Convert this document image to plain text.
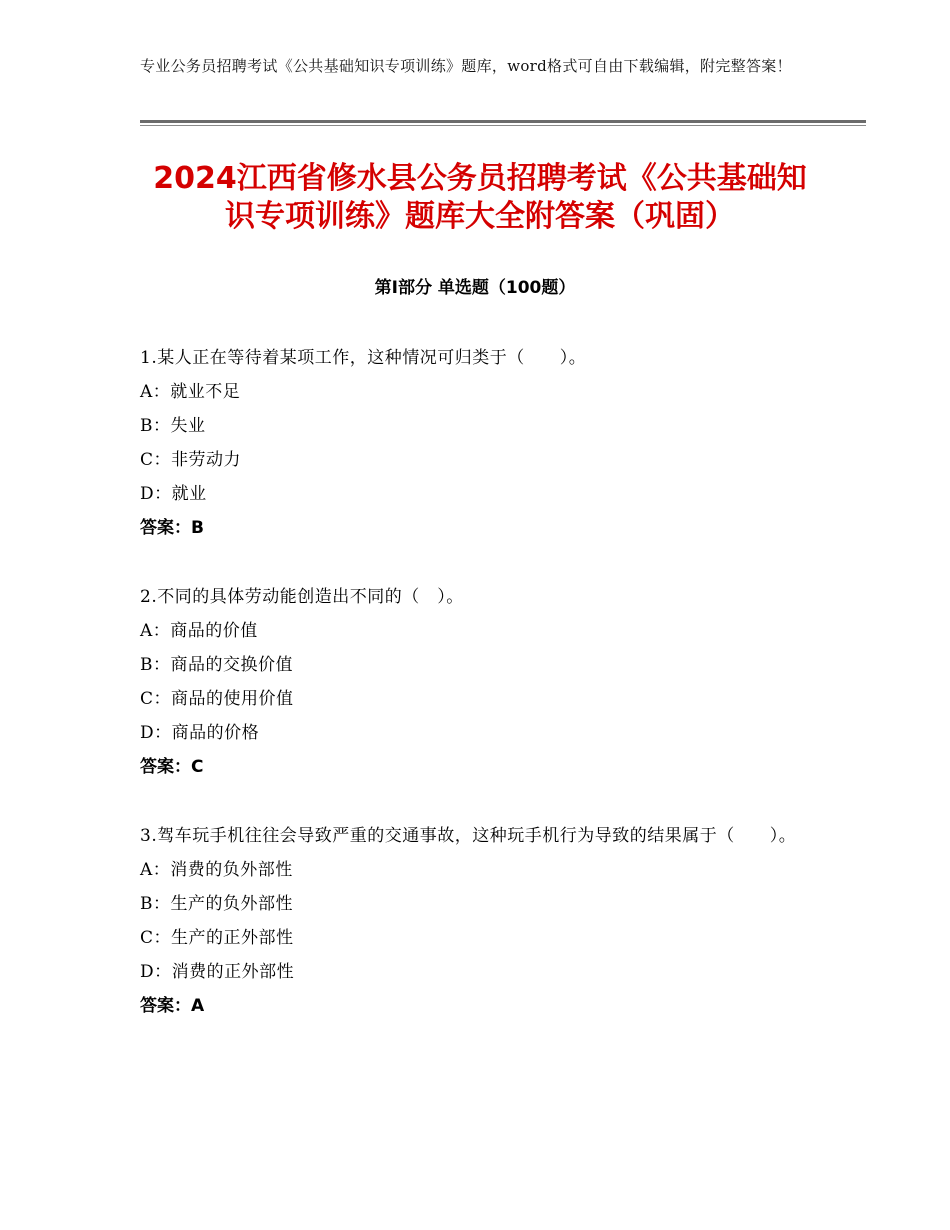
专业公务员招聘考试《公共基础知识专项训练》题库，word格式可自由下载编辑，附完整答案！
2024江西省修水县公务员招聘考试《公共基础知识专项训练》题库大全附答案（巩固）
第Ⅰ部分 单选题（100题）
1.某人正在等待着某项工作，这种情况可归类于（　　）。
A：就业不足
B：失业
C：非劳动力
D：就业
答案：B
2.不同的具体劳动能创造出不同的（　）。
A：商品的价值
B：商品的交换价值
C：商品的使用价值
D：商品的价格
答案：C
3.驾车玩手机往往会导致严重的交通事故，这种玩手机行为导致的结果属于（　　）。
A：消费的负外部性
B：生产的负外部性
C：生产的正外部性
D：消费的正外部性
答案：A
